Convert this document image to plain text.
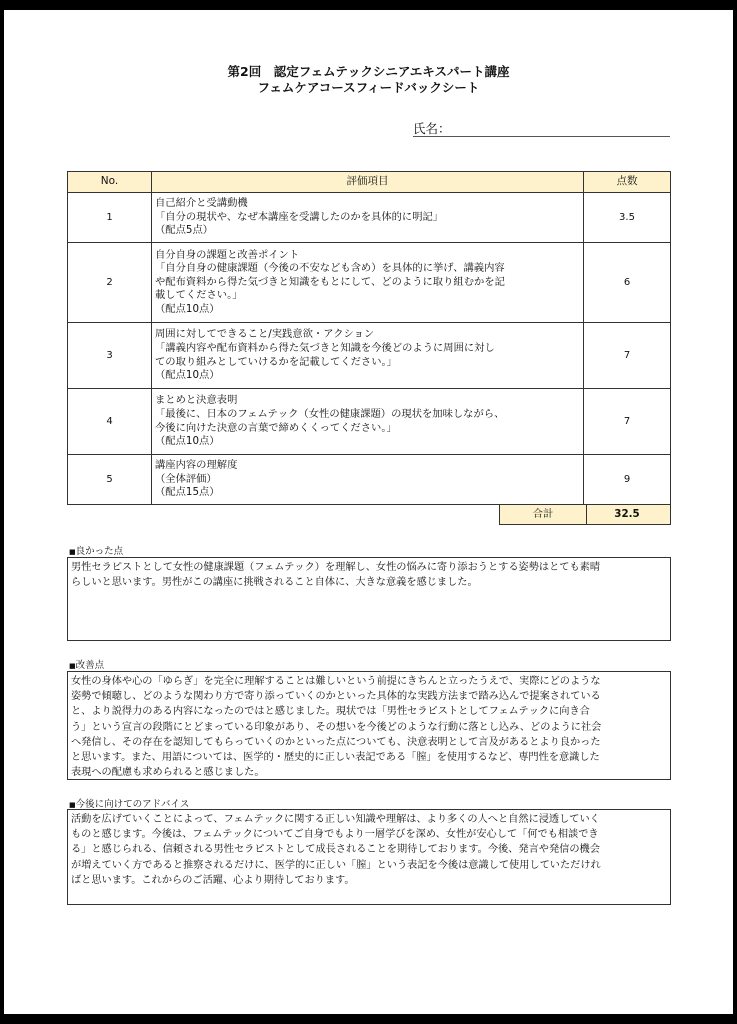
第2回　認定フェムテックシニアエキスパート講座
フェムケアコースフィードバックシート
氏名：
No.	評価項目	点数
1	自己紹介と受講動機
「自分の現状や、なぜ本講座を受講したのかを具体的に明記」
（配点5点）	3.5
2	自分自身の課題と改善ポイント
「自分自身の健康課題（今後の不安なども含め）を具体的に挙げ、講義内容
や配布資料から得た気づきと知識をもとにして、どのように取り組むかを記
載してください。」
（配点10点）	6
3	周囲に対してできること/実践意欲・アクション
「講義内容や配布資料から得た気づきと知識を今後どのように周囲に対し
ての取り組みとしていけるかを記載してください。」
（配点10点）	7
4	まとめと決意表明
「最後に、日本のフェムテック（女性の健康課題）の現状を加味しながら、
今後に向けた決意の言葉で締めくくってください。」
（配点10点）	7
5	講座内容の理解度
（全体評価）
（配点15点）	9

	合計	32.5
■良かった点
男性セラピストとして女性の健康課題（フェムテック）を理解し、女性の悩みに寄り添おうとする姿勢はとても素晴
らしいと思います。男性がこの講座に挑戦されること自体に、大きな意義を感じました。
■改善点
女性の身体や心の「ゆらぎ」を完全に理解することは難しいという前提にきちんと立ったうえで、実際にどのような
姿勢で傾聴し、どのような関わり方で寄り添っていくのかといった具体的な実践方法まで踏み込んで提案されている
と、より説得力のある内容になったのではと感じました。現状では「男性セラピストとしてフェムテックに向き合
う」という宣言の段階にとどまっている印象があり、その想いを今後どのような行動に落とし込み、どのように社会
へ発信し、その存在を認知してもらっていくのかといった点についても、決意表明として言及があるとより良かった
と思います。また、用語については、医学的・歴史的に正しい表記である「膣」を使用するなど、専門性を意識した
表現への配慮も求められると感じました。
■今後に向けてのアドバイス
活動を広げていくことによって、フェムテックに関する正しい知識や理解は、より多くの人へと自然に浸透していく
ものと感じます。今後は、フェムテックについてご自身でもより一層学びを深め、女性が安心して「何でも相談でき
る」と感じられる、信頼される男性セラピストとして成長されることを期待しております。今後、発言や発信の機会
が増えていく方であると推察されるだけに、医学的に正しい「膣」という表記を今後は意識して使用していただけれ
ばと思います。これからのご活躍、心より期待しております。
